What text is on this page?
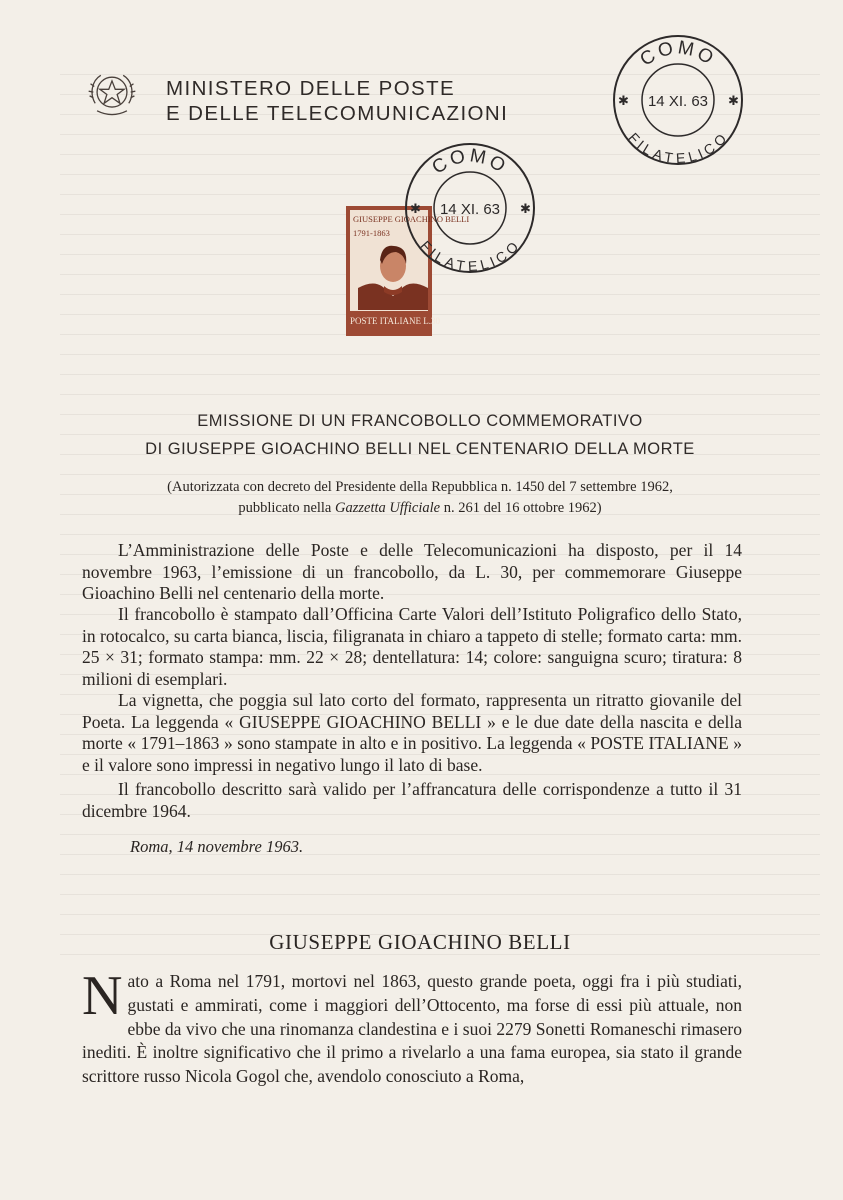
MINISTERO DELLE POSTE
E DELLE TELECOMUNICAZIONI
COMO
FILATELICO
14 XI. 63
✱	✱
GIUSEPPE GIOACHINO BELLI
1791-1863
POSTE ITALIANE L.30
COMO
FILATELICO
14 XI. 63
✱	✱
EMISSIONE DI UN FRANCOBOLLO COMMEMORATIVO
DI GIUSEPPE GIOACHINO BELLI NEL CENTENARIO DELLA MORTE
(Autorizzata con decreto del Presidente della Repubblica n. 1450 del 7 settembre 1962,
pubblicato nella Gazzetta Ufficiale n. 261 del 16 ottobre 1962)

L’Amministrazione delle Poste e delle Telecomunicazioni ha disposto, per il 14 novembre 1963, l’emissione di un francobollo, da L. 30, per commemorare Giuseppe Gioachino Belli nel centenario della morte.

Il francobollo è stampato dall’Officina Carte Valori dell’Istituto Poligrafico dello Stato, in rotocalco, su carta bianca, liscia, filigranata in chiaro a tappeto di stelle; formato carta: mm. 25 × 31; formato stampa: mm. 22 × 28; dentellatura: 14; colore: sanguigna scuro; tiratura: 8 milioni di esemplari.

La vignetta, che poggia sul lato corto del formato, rappresenta un ritratto giovanile del Poeta. La leggenda « GIUSEPPE GIOACHINO BELLI » e le due date della nascita e della morte « 1791–1863 » sono stampate in alto e in positivo. La leggenda « POSTE ITALIANE » e il valore sono impressi in negativo lungo il lato di base.

Il francobollo descritto sarà valido per l’affrancatura delle corrispondenze a tutto il 31 dicembre 1964.

Roma, 14 novembre 1963.
GIUSEPPE GIOACHINO BELLI

Nato a Roma nel 1791, mortovi nel 1863, questo grande poeta, oggi fra i più studiati, gustati e ammirati, come i maggiori dell’Ottocento, ma forse di essi più attuale, non ebbe da vivo che una rinomanza clandestina e i suoi 2279 Sonetti Romaneschi rimasero inediti. È inoltre significativo che il primo a rivelarlo a una fama europea, sia stato il grande scrittore russo Nicola Gogol che, avendolo conosciuto a Roma,
